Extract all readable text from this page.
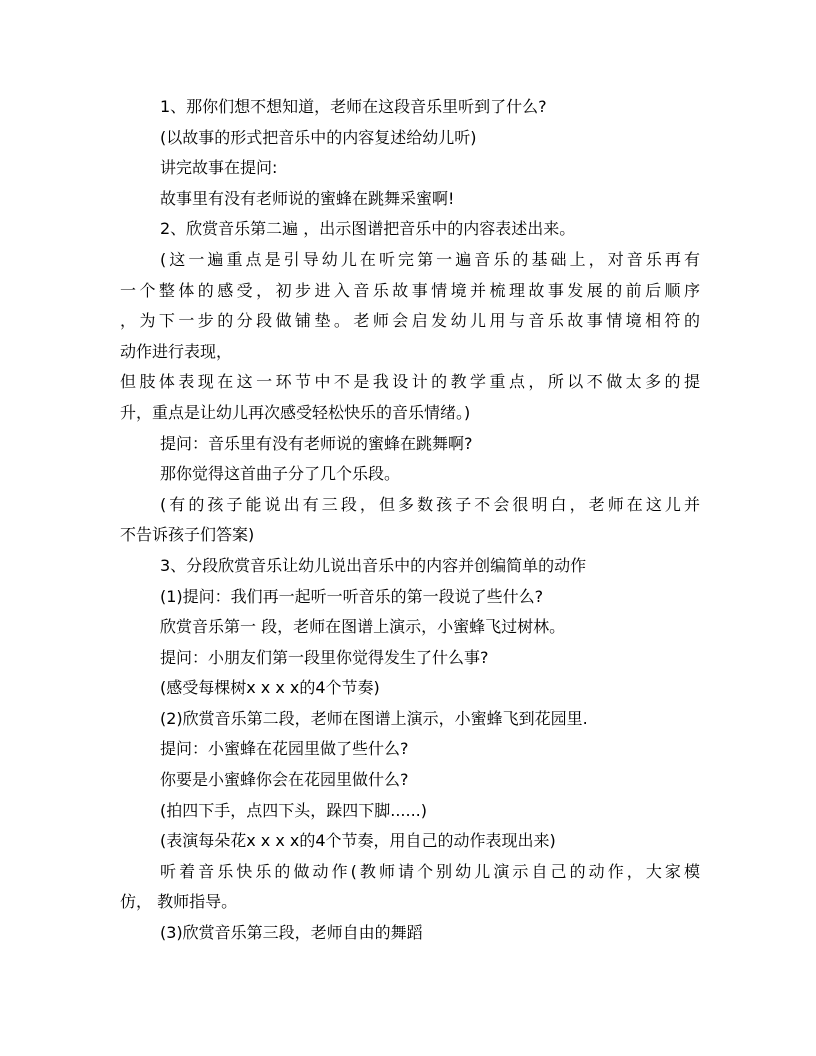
1、那你们想不想知道，老师在这段音乐里听到了什么?
(以故事的形式把音乐中的内容复述给幼儿听)
讲完故事在提问:
故事里有没有老师说的蜜蜂在跳舞采蜜啊!
2、欣赏音乐第二遍 ，出示图谱把音乐中的内容表述出来。
(这一遍重点是引导幼儿在听完第一遍音乐的基础上，对音乐再有
一个整体的感受，初步进入音乐故事情境并梳理故事发展的前后顺序
，为下一步的分段做铺垫。老师会启发幼儿用与音乐故事情境相符的
动作进行表现，
但肢体表现在这一环节中不是我设计的教学重点，所以不做太多的提
升，重点是让幼儿再次感受轻松快乐的音乐情绪。)
提问：音乐里有没有老师说的蜜蜂在跳舞啊?
那你觉得这首曲子分了几个乐段。
(有的孩子能说出有三段，但多数孩子不会很明白，老师在这儿并
不告诉孩子们答案)
3、分段欣赏音乐让幼儿说出音乐中的内容并创编简单的动作
(1)提问：我们再一起听一听音乐的第一段说了些什么?
欣赏音乐第一 段，老师在图谱上演示，小蜜蜂飞过树林。
提问：小朋友们第一段里你觉得发生了什么事?
(感受每棵树x x x x的4个节奏)
(2)欣赏音乐第二段，老师在图谱上演示，小蜜蜂飞到花园里.
提问：小蜜蜂在花园里做了些什么?
你要是小蜜蜂你会在花园里做什么?
(拍四下手，点四下头，跺四下脚......)
(表演每朵花x x x x的4个节奏，用自己的动作表现出来)
听着音乐快乐的做动作(教师请个别幼儿演示自己的动作，大家模
仿， 教师指导。
(3)欣赏音乐第三段，老师自由的舞蹈
